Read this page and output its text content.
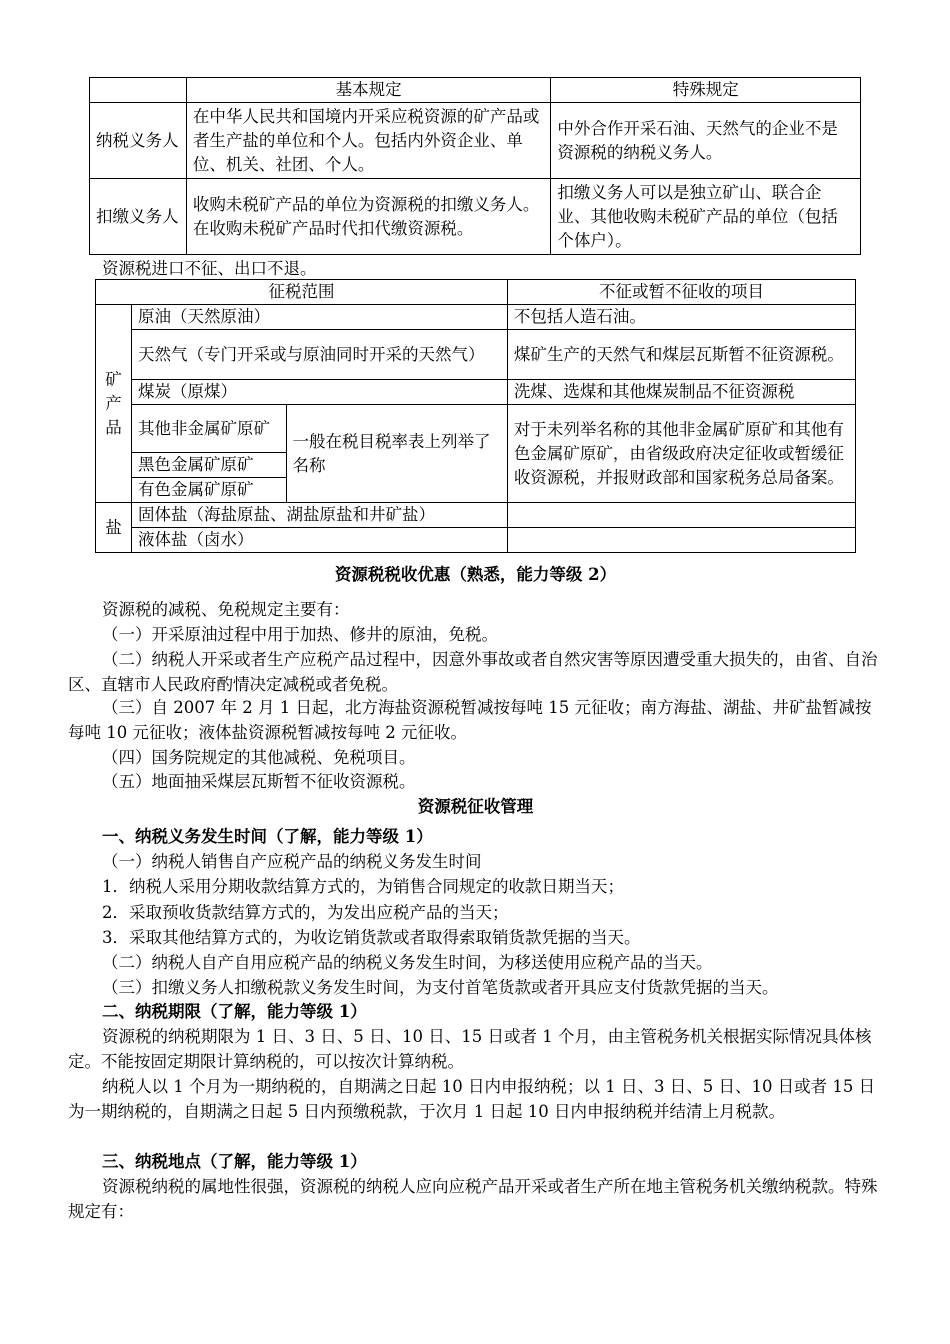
	基本规定	特殊规定
纳税义务人	在中华人民共和国境内开采应税资源的矿产品或者生产盐的单位和个人。包括内外资企业、单位、机关、社团、个人。	中外合作开采石油、天然气的企业不是资源税的纳税义务人。
扣缴义务人	收购未税矿产品的单位为资源税的扣缴义务人。在收购未税矿产品时代扣代缴资源税。	扣缴义务人可以是独立矿山、联合企业、其他收购未税矿产品的单位（包括个体户）。

资源税进口不征、出口不退。

征税范围			不征或暂不征收的项目

矿产品	原油（天然原油）		不包括人造石油。
	天然气（专门开采或与原油同时开采的天然气）		煤矿生产的天然气和煤层瓦斯暂不征资源税。
	煤炭（原煤）		洗煤、选煤和其他煤炭制品不征资源税
	其他非金属矿原矿	一般在税目税率表上列举了名称	对于未列举名称的其他非金属矿原矿和其他有色金属矿原矿，由省级政府决定征收或暂缓征收资源税，并报财政部和国家税务总局备案。
	黑色金属矿原矿		
	有色金属矿原矿		
盐	固体盐（海盐原盐、湖盐原盐和井矿盐）		
	液体盐（卤水）		

资源税税收优惠（熟悉，能力等级 2）

资源税的减税、免税规定主要有：

（一）开采原油过程中用于加热、修井的原油，免税。

（二）纳税人开采或者生产应税产品过程中，因意外事故或者自然灾害等原因遭受重大损失的，由省、自治区、直辖市人民政府酌情决定减税或者免税。

（三）自 2007 年 2 月 1 日起，北方海盐资源税暂减按每吨 15 元征收；南方海盐、湖盐、井矿盐暂减按每吨 10 元征收；液体盐资源税暂减按每吨 2 元征收。

（四）国务院规定的其他减税、免税项目。

（五）地面抽采煤层瓦斯暂不征收资源税。

资源税征收管理

一、纳税义务发生时间（了解，能力等级 1）

（一）纳税人销售自产应税产品的纳税义务发生时间

1．纳税人采用分期收款结算方式的，为销售合同规定的收款日期当天；

2．采取预收货款结算方式的，为发出应税产品的当天；

3．采取其他结算方式的，为收讫销货款或者取得索取销货款凭据的当天。

（二）纳税人自产自用应税产品的纳税义务发生时间，为移送使用应税产品的当天。

（三）扣缴义务人扣缴税款义务发生时间，为支付首笔货款或者开具应支付货款凭据的当天。

二、纳税期限（了解，能力等级 1）

资源税的纳税期限为 1 日、3 日、5 日、10 日、15 日或者 1 个月，由主管税务机关根据实际情况具体核定。不能按固定期限计算纳税的，可以按次计算纳税。

纳税人以 1 个月为一期纳税的，自期满之日起 10 日内申报纳税；以 1 日、3 日、5 日、10 日或者 15 日为一期纳税的，自期满之日起 5 日内预缴税款，于次月 1 日起 10 日内申报纳税并结清上月税款。

三、纳税地点（了解，能力等级 1）

资源税纳税的属地性很强，资源税的纳税人应向应税产品开采或者生产所在地主管税务机关缴纳税款。特殊规定有：
